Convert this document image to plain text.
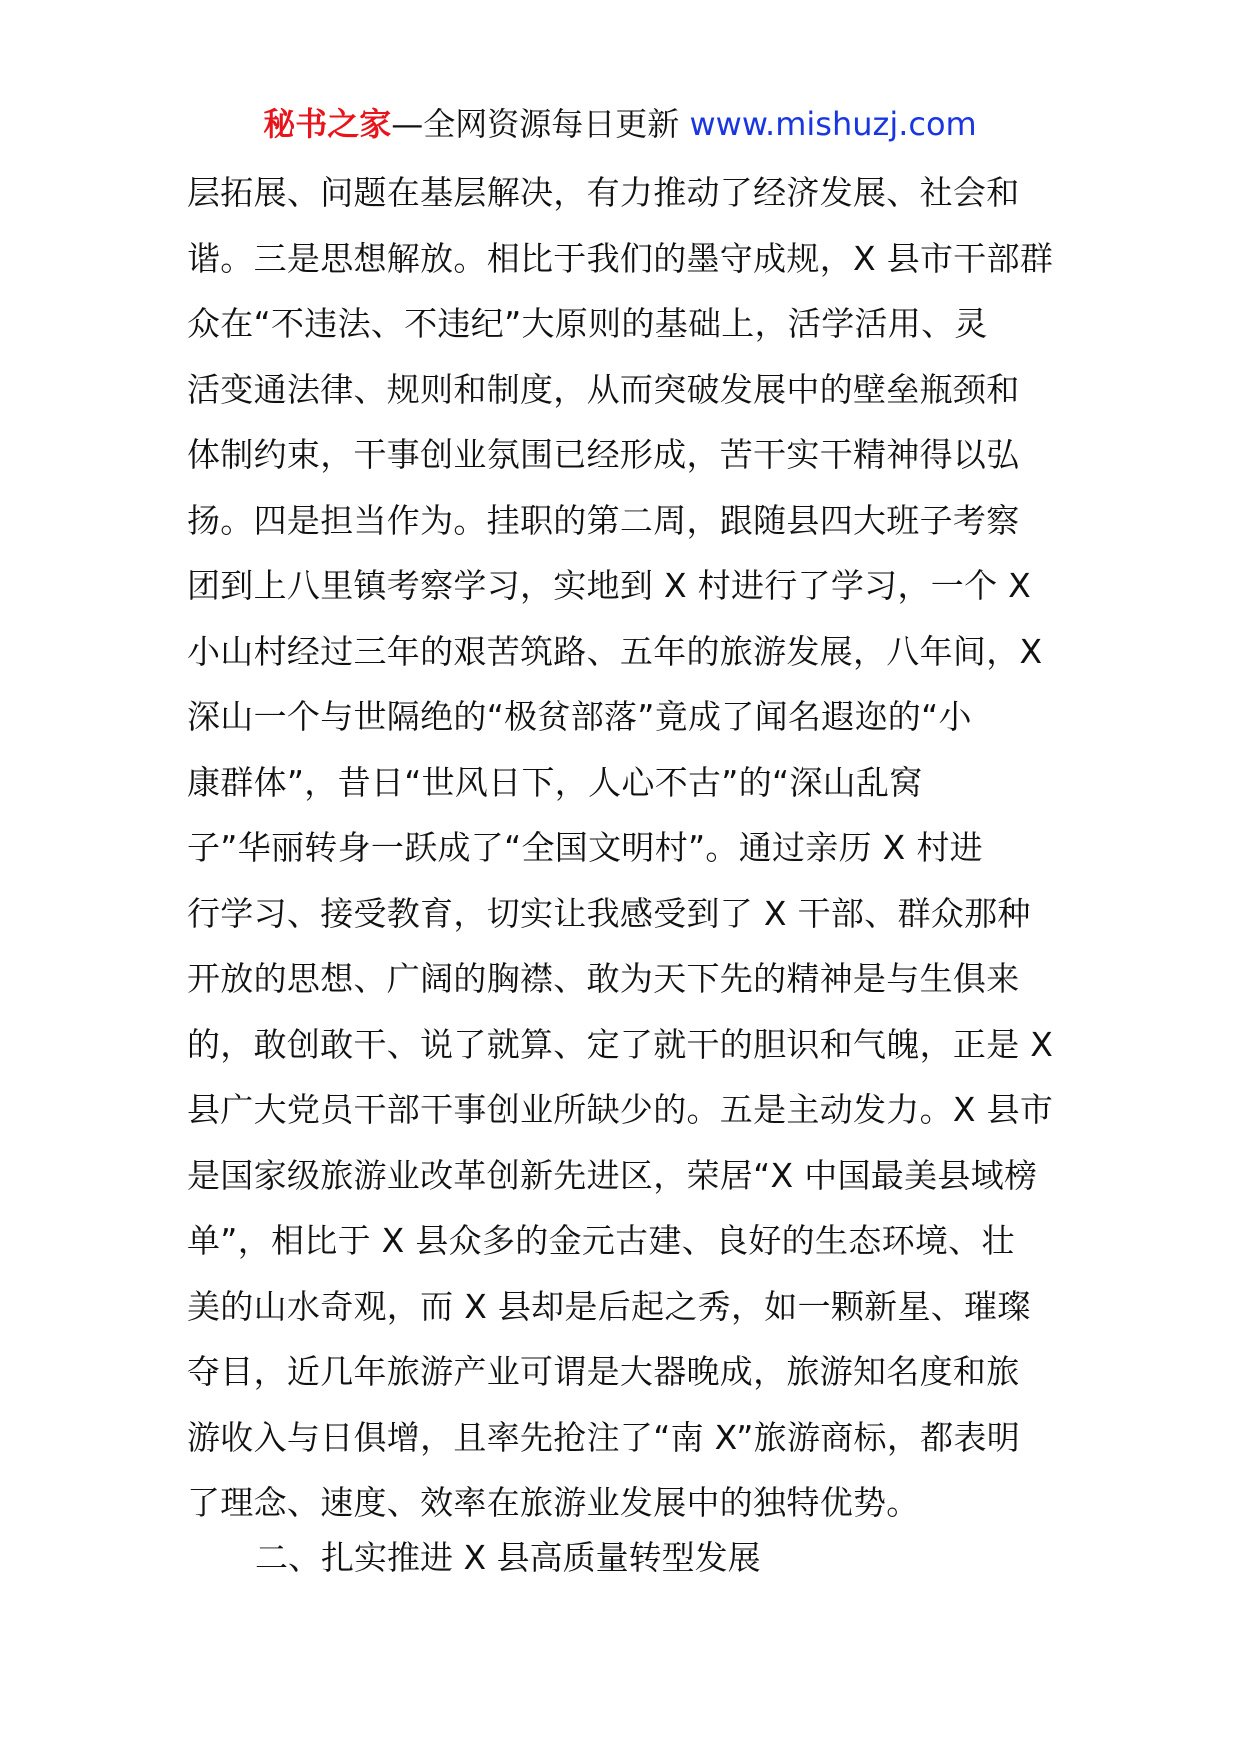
秘书之家—全网资源每日更新 www.mishuzj.com
层拓展、问题在基层解决，有力推动了经济发展、社会和
谐。三是思想解放。相比于我们的墨守成规，X 县市干部群
众在“不违法、不违纪”大原则的基础上，活学活用、灵
活变通法律、规则和制度，从而突破发展中的壁垒瓶颈和
体制约束，干事创业氛围已经形成，苦干实干精神得以弘
扬。四是担当作为。挂职的第二周，跟随县四大班子考察
团到上八里镇考察学习，实地到 X 村进行了学习，一个 X
小山村经过三年的艰苦筑路、五年的旅游发展，八年间，X
深山一个与世隔绝的“极贫部落”竟成了闻名遐迩的“小
康群体”，昔日“世风日下，人心不古”的“深山乱窝
子”华丽转身一跃成了“全国文明村”。通过亲历 X 村进
行学习、接受教育，切实让我感受到了 X 干部、群众那种
开放的思想、广阔的胸襟、敢为天下先的精神是与生俱来
的，敢创敢干、说了就算、定了就干的胆识和气魄，正是 X
县广大党员干部干事创业所缺少的。五是主动发力。X 县市
是国家级旅游业改革创新先进区，荣居“X 中国最美县域榜
单”，相比于 X 县众多的金元古建、良好的生态环境、壮
美的山水奇观，而 X 县却是后起之秀，如一颗新星、璀璨
夺目，近几年旅游产业可谓是大器晚成，旅游知名度和旅
游收入与日俱增，且率先抢注了“南 X”旅游商标，都表明
了理念、速度、效率在旅游业发展中的独特优势。
二、扎实推进 X 县高质量转型发展
